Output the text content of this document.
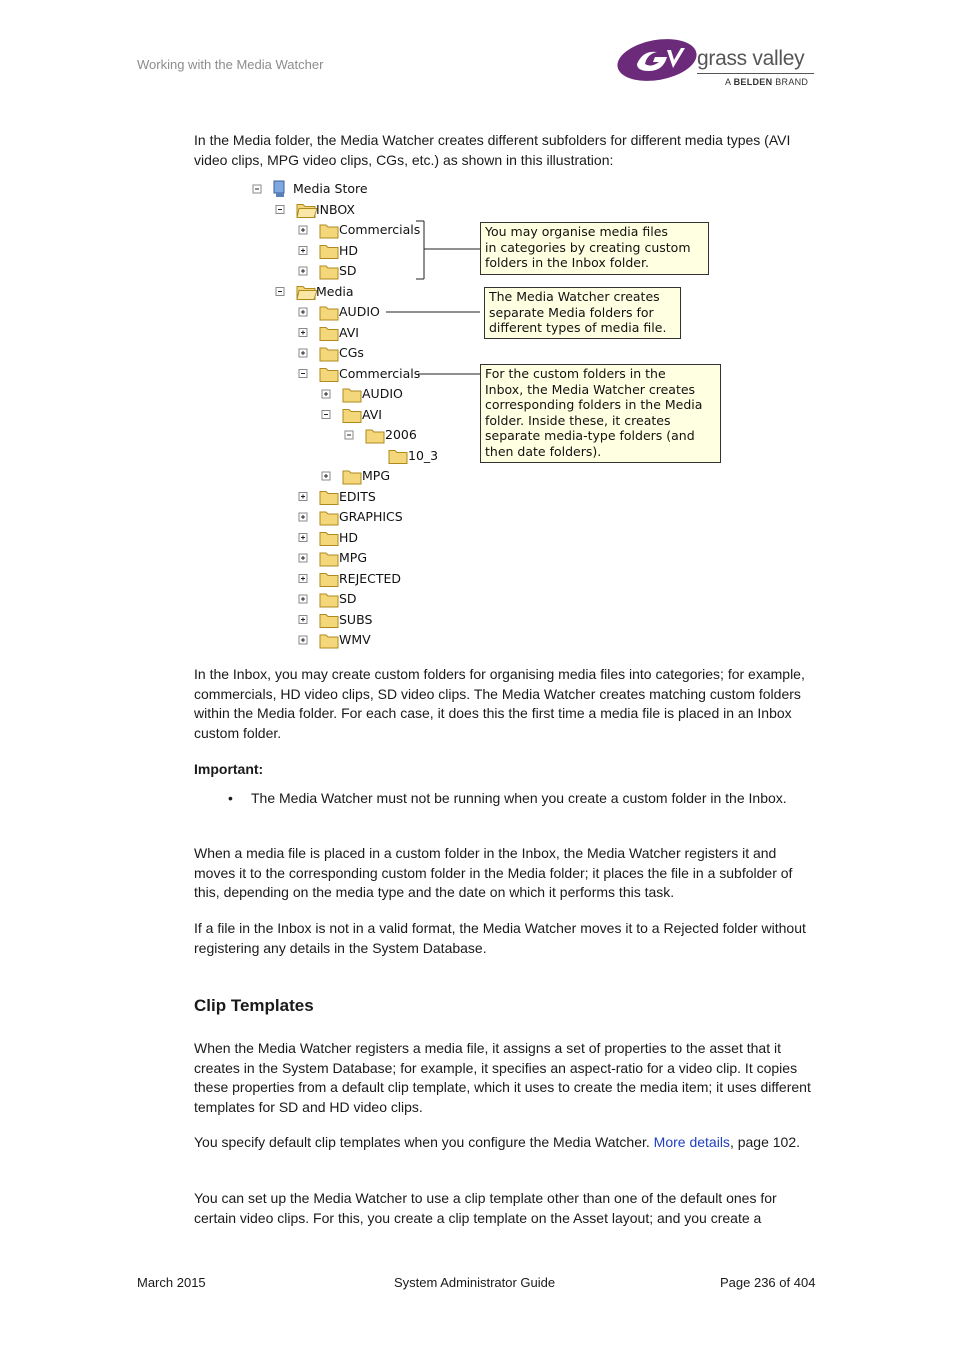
Working with the Media Watcher	grass valley
A BELDEN BRAND
In the Media folder, the Media Watcher creates different subfolders for different media types (AVI video clips, MPG video clips, CGs, etc.) as shown in this illustration:
Media Store
INBOX
Commercials
HD
SD
Media
AUDIO
AVI
CGs
Commercials
AUDIO
AVI
2006
10_3
MPG
EDITS
GRAPHICS
HD
MPG
REJECTED
SD
SUBS
WMV
You may organise media files
in categories by creating custom
folders in the Inbox folder.
The Media Watcher creates
separate Media folders for
different types of media file.
For the custom folders in the
Inbox, the Media Watcher creates
corresponding folders in the Media
folder. Inside these, it creates
separate media-type folders (and
then date folders).
In the Inbox, you may create custom folders for organising media files into categories; for example, commercials, HD video clips, SD video clips. The Media Watcher creates matching custom folders within the Media folder. For each case, it does this the first time a media file is placed in an Inbox custom folder.
Important:
• The Media Watcher must not be running when you create a custom folder in the Inbox.
When a media file is placed in a custom folder in the Inbox, the Media Watcher registers it and moves it to the corresponding custom folder in the Media folder; it places the file in a subfolder of this, depending on the media type and the date on which it performs this task.
If a file in the Inbox is not in a valid format, the Media Watcher moves it to a Rejected folder without registering any details in the System Database.
Clip Templates
When the Media Watcher registers a media file, it assigns a set of properties to the asset that it creates in the System Database; for example, it specifies an aspect-ratio for a video clip. It copies these properties from a default clip template, which it uses to create the media item; it uses different templates for SD and HD video clips.
You specify default clip templates when you configure the Media Watcher. More details, page 102.
You can set up the Media Watcher to use a clip template other than one of the default ones for certain video clips. For this, you create a clip template on the Asset layout; and you create a
March 2015	System Administrator Guide	Page 236 of 404
